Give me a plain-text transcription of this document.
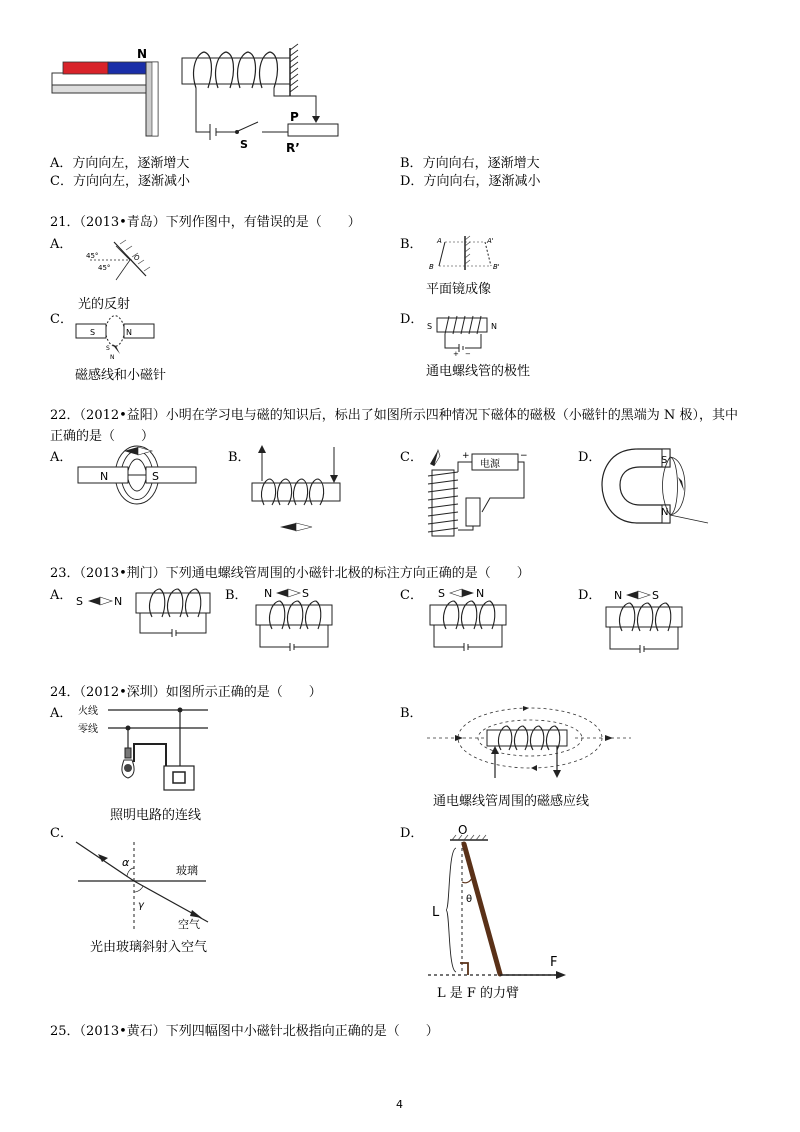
N
P
S	R’
A．方向向左，逐渐增大	B．方向向右，逐渐增大
C．方向向左，逐渐减小	D．方向向右，逐渐减小
21．（2013•青岛）下列作图中，有错误的是（　　）
A．
45°
45°
O
光的反射
B． A	A'
B	B'
平面镜成像
C．
S	N
S
N
磁感线和小磁针
D． S	N
+ −
通电螺线管的极性
22．（2012•益阳）小明在学习电与磁的知识后，标出了如图所示四种情况下磁体的磁极（小磁针的黑端为 N 极），其中
正确的是（　　）
A．
N	S
B．	C．	+
电源
−	D．	S
N
23．（2013•荆门）下列通电螺线管周围的小磁针北极的标注方向正确的是（　　）
A． S	N	B． N	S	C． S	N	D． N	S
24．（2012•深圳）如图所示正确的是（　　）
A． 火线
零线
照明电路的连线
B．
通电螺线管周围的磁感应线
C．
α
玻璃
γ
空气
光由玻璃斜射入空气
D．	O
θ
L
F
L 是 F 的力臂
25．（2013•黄石）下列四幅图中小磁针北极指向正确的是（　　）
4
